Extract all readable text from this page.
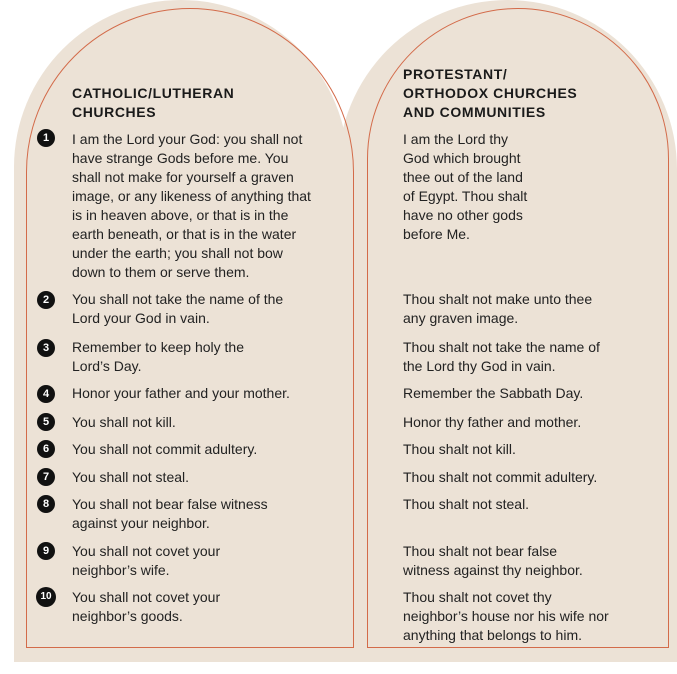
CATHOLIC/LUTHERAN
CHURCHES
PROTESTANT/
ORTHODOX CHURCHES
AND COMMUNITIES
1
2
3
4
5
6
7
8
9
10
I am the Lord your God: you shall not
have strange Gods before me. You
shall not make for yourself a graven
image, or any likeness of anything that
is in heaven above, or that is in the
earth beneath, or that is in the water
under the earth; you shall not bow
down to them or serve them.
You shall not take the name of the
Lord your God in vain.
Remember to keep holy the
Lord’s Day.
Honor your father and your mother.
You shall not kill.
You shall not commit adultery.
You shall not steal.
You shall not bear false witness
against your neighbor.
You shall not covet your
neighbor’s wife.
You shall not covet your
neighbor’s goods.
I am the Lord thy
God which brought
thee out of the land
of Egypt. Thou shalt
have no other gods
before Me.
Thou shalt not make unto thee
any graven image.
Thou shalt not take the name of
the Lord thy God in vain.
Remember the Sabbath Day.
Honor thy father and mother.
Thou shalt not kill.
Thou shalt not commit adultery.
Thou shalt not steal.
Thou shalt not bear false
witness against thy neighbor.
Thou shalt not covet thy
neighbor’s house nor his wife nor
anything that belongs to him.
